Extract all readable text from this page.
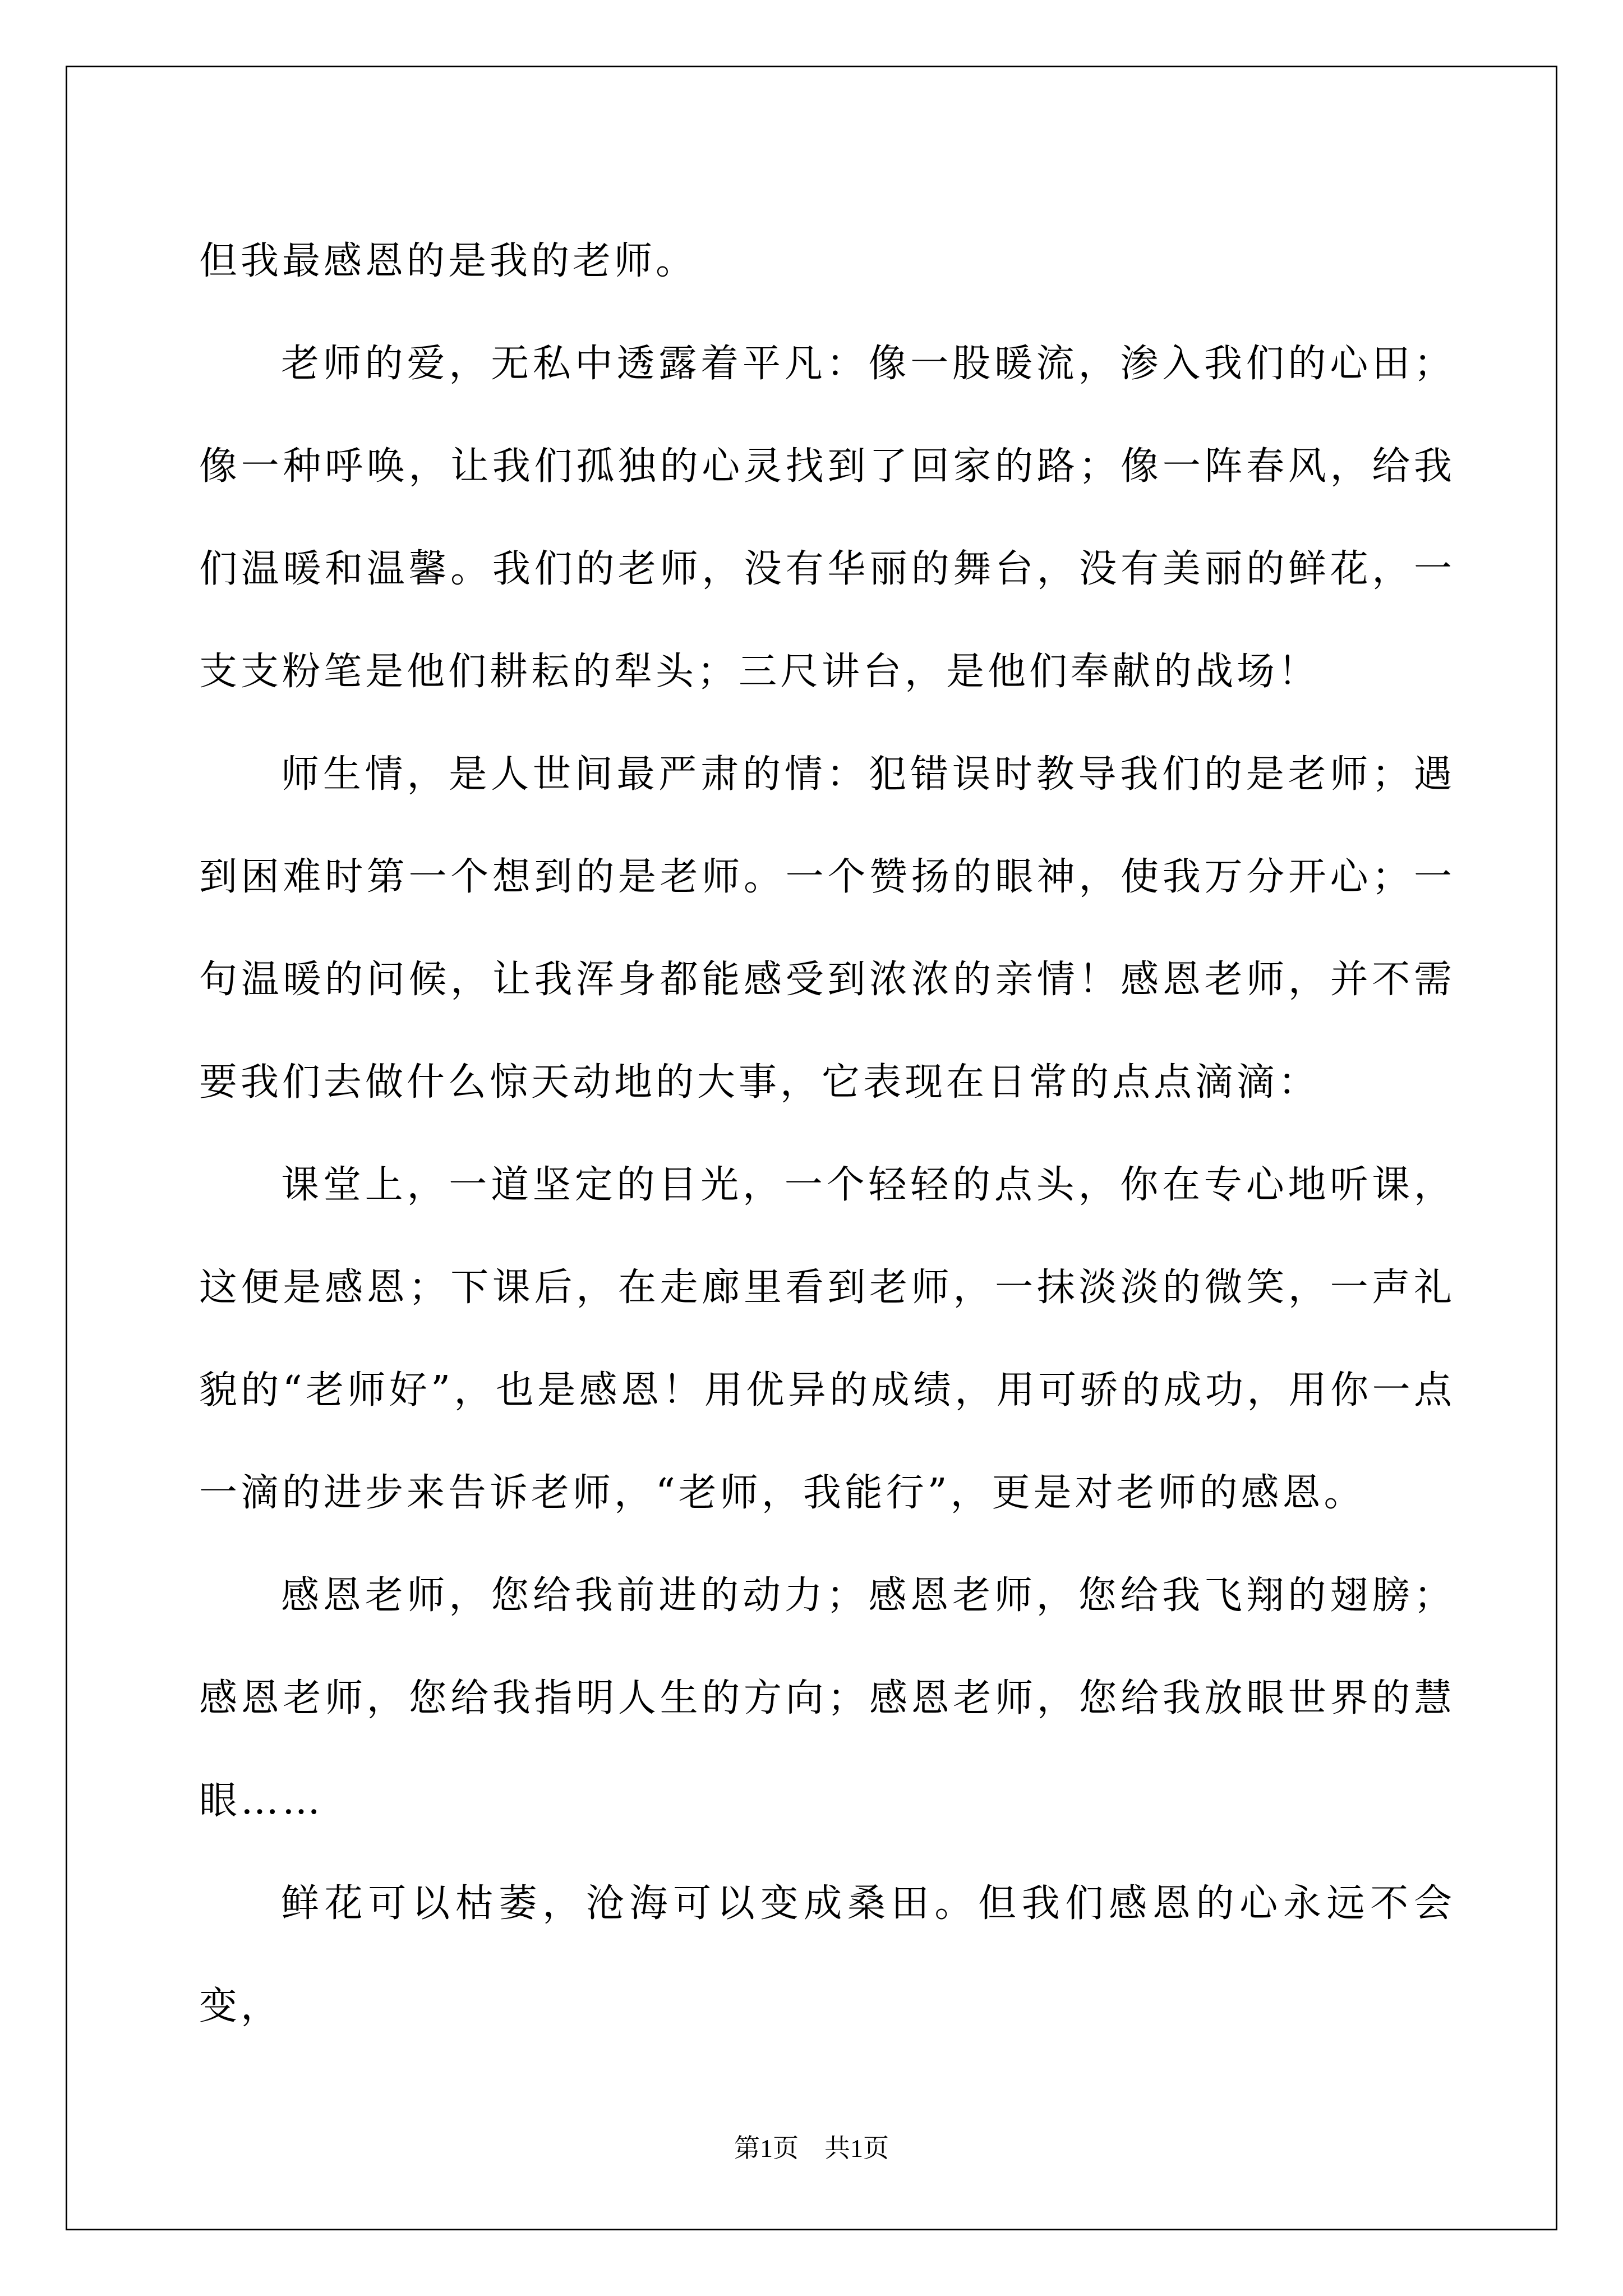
但我最感恩的是我的老师。

老师的爱，无私中透露着平凡：像一股暖流，渗入我们的心田；像一种呼唤，让我们孤独的心灵找到了回家的路；像一阵春风，给我们温暖和温馨。我们的老师，没有华丽的舞台，没有美丽的鲜花，一支支粉笔是他们耕耘的犁头；三尺讲台，是他们奉献的战场！

师生情，是人世间最严肃的情：犯错误时教导我们的是老师；遇到困难时第一个想到的是老师。一个赞扬的眼神，使我万分开心；一句温暖的问候，让我浑身都能感受到浓浓的亲情！感恩老师，并不需要我们去做什么惊天动地的大事，它表现在日常的点点滴滴：

课堂上，一道坚定的目光，一个轻轻的点头，你在专心地听课，这便是感恩；下课后，在走廊里看到老师，一抹淡淡的微笑，一声礼貌的“老师好”，也是感恩！用优异的成绩，用可骄的成功，用你一点一滴的进步来告诉老师，“老师，我能行”，更是对老师的感恩。

感恩老师，您给我前进的动力；感恩老师，您给我飞翔的翅膀；感恩老师，您给我指明人生的方向；感恩老师，您给我放眼世界的慧眼……

鲜花可以枯萎，沧海可以变成桑田。但我们感恩的心永远不会变，

第1页　共1页
